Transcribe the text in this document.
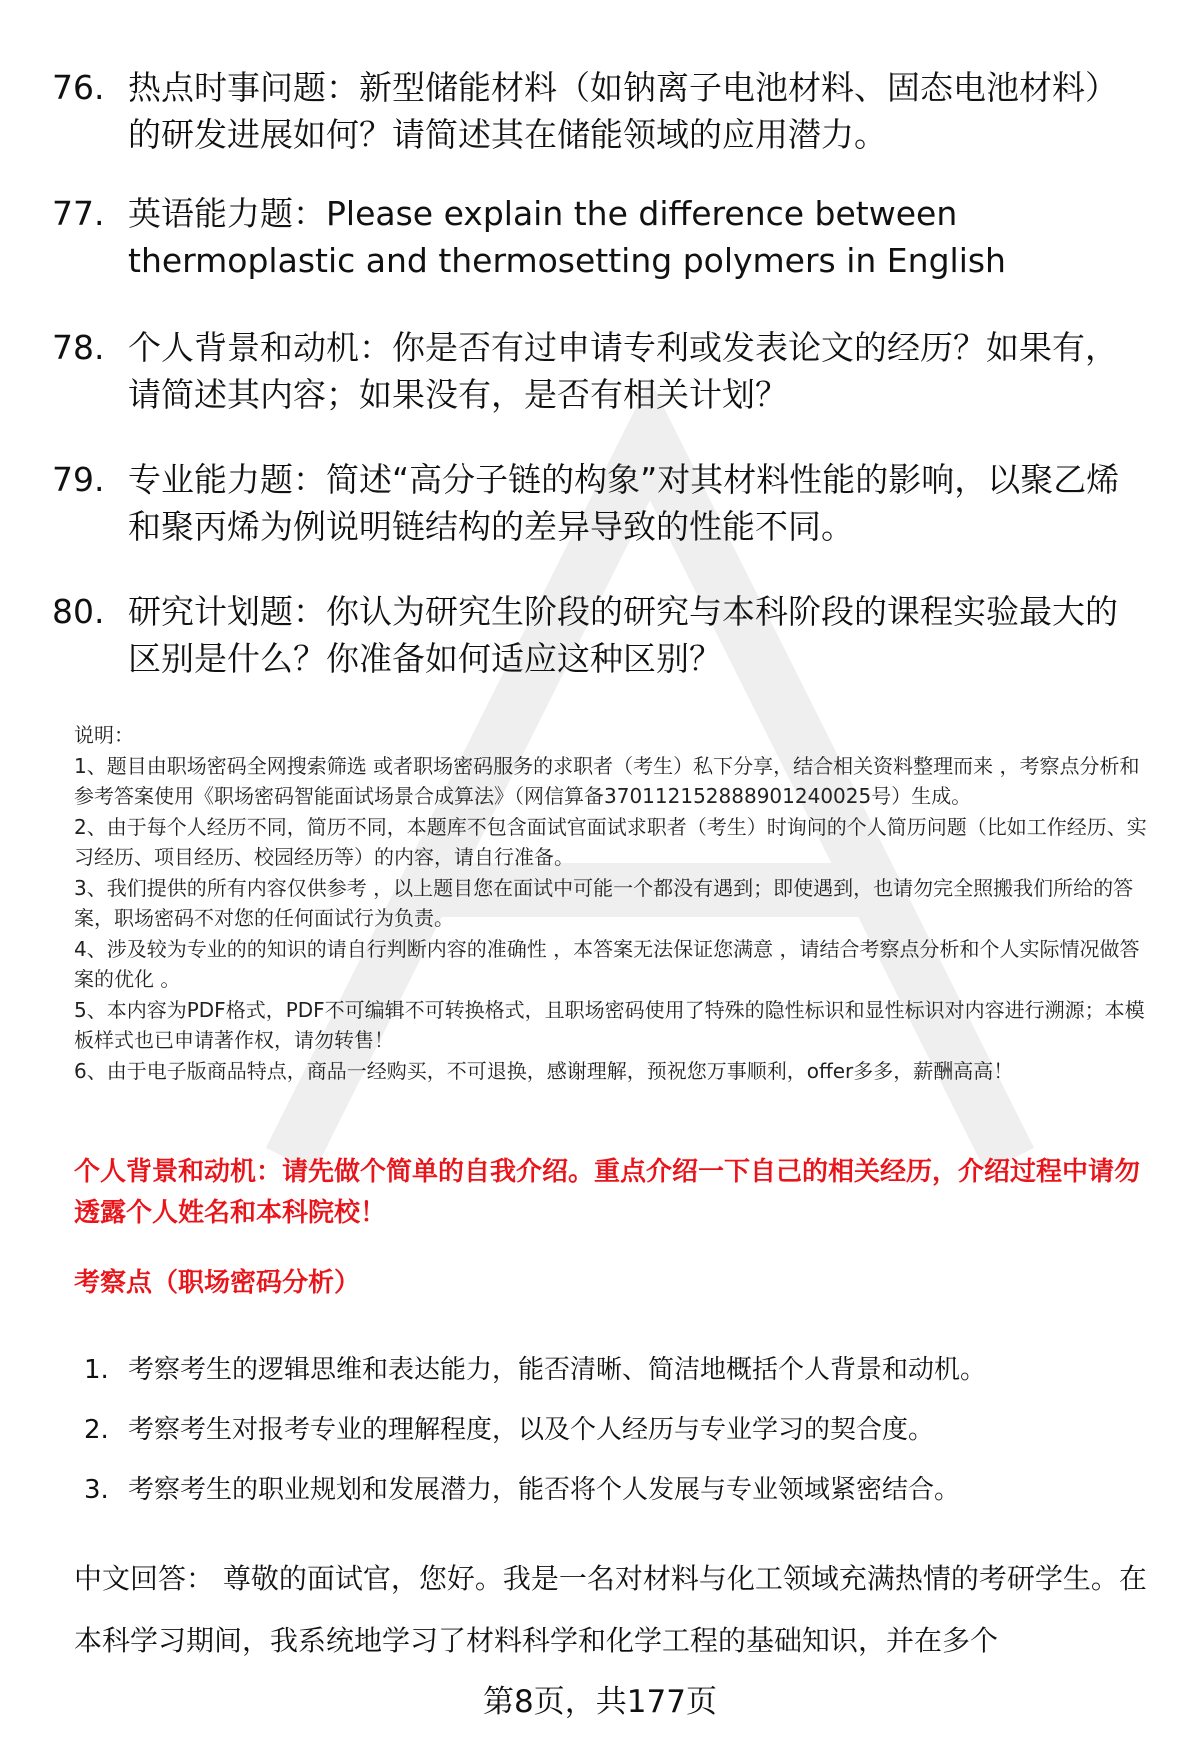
76. 热点时事问题：新型储能材料（如钠离子电池材料、固态电池材料）的研发进展如何？请简述其在储能领域的应用潜力。
77. 英语能力题：Please explain the difference between thermoplastic and thermosetting polymers in English
78. 个人背景和动机：你是否有过申请专利或发表论文的经历？如果有，请简述其内容；如果没有，是否有相关计划？
79. 专业能力题：简述“高分子链的构象”对其材料性能的影响，以聚乙烯和聚丙烯为例说明链结构的差异导致的性能不同。
80. 研究计划题：你认为研究生阶段的研究与本科阶段的课程实验最大的区别是什么？你准备如何适应这种区别？
说明：
1、题目由职场密码全网搜索筛选 或者职场密码服务的求职者（考生）私下分享，结合相关资料整理而来 ，考察点分析和参考答案使用《职场密码智能面试场景合成算法》（网信算备370112152888901240025号）生成。
2、由于每个人经历不同，简历不同，本题库不包含面试官面试求职者（考生）时询问的个人简历问题（比如工作经历、实习经历、项目经历、校园经历等）的内容，请自行准备。
3、我们提供的所有内容仅供参考 ，以上题目您在面试中可能一个都没有遇到；即使遇到，也请勿完全照搬我们所给的答案，职场密码不对您的任何面试行为负责。
4、涉及较为专业的的知识的请自行判断内容的准确性 ，本答案无法保证您满意 ，请结合考察点分析和个人实际情况做答案的优化 。
5、本内容为PDF格式，PDF不可编辑不可转换格式，且职场密码使用了特殊的隐性标识和显性标识对内容进行溯源；本模板样式也已申请著作权，请勿转售！
6、由于电子版商品特点，商品一经购买，不可退换，感谢理解，预祝您万事顺利，offer多多，薪酬高高！
个人背景和动机：请先做个简单的自我介绍。重点介绍一下自己的相关经历，介绍过程中请勿透露个人姓名和本科院校！
考察点（职场密码分析）
1. 考察考生的逻辑思维和表达能力，能否清晰、简洁地概括个人背景和动机。
2. 考察考生对报考专业的理解程度，以及个人经历与专业学习的契合度。
3. 考察考生的职业规划和发展潜力，能否将个人发展与专业领域紧密结合。
中文回答： 尊敬的面试官，您好。我是一名对材料与化工领域充满热情的考研学生。在本科学习期间，我系统地学习了材料科学和化学工程的基础知识，并在多个
第8页，共177页
